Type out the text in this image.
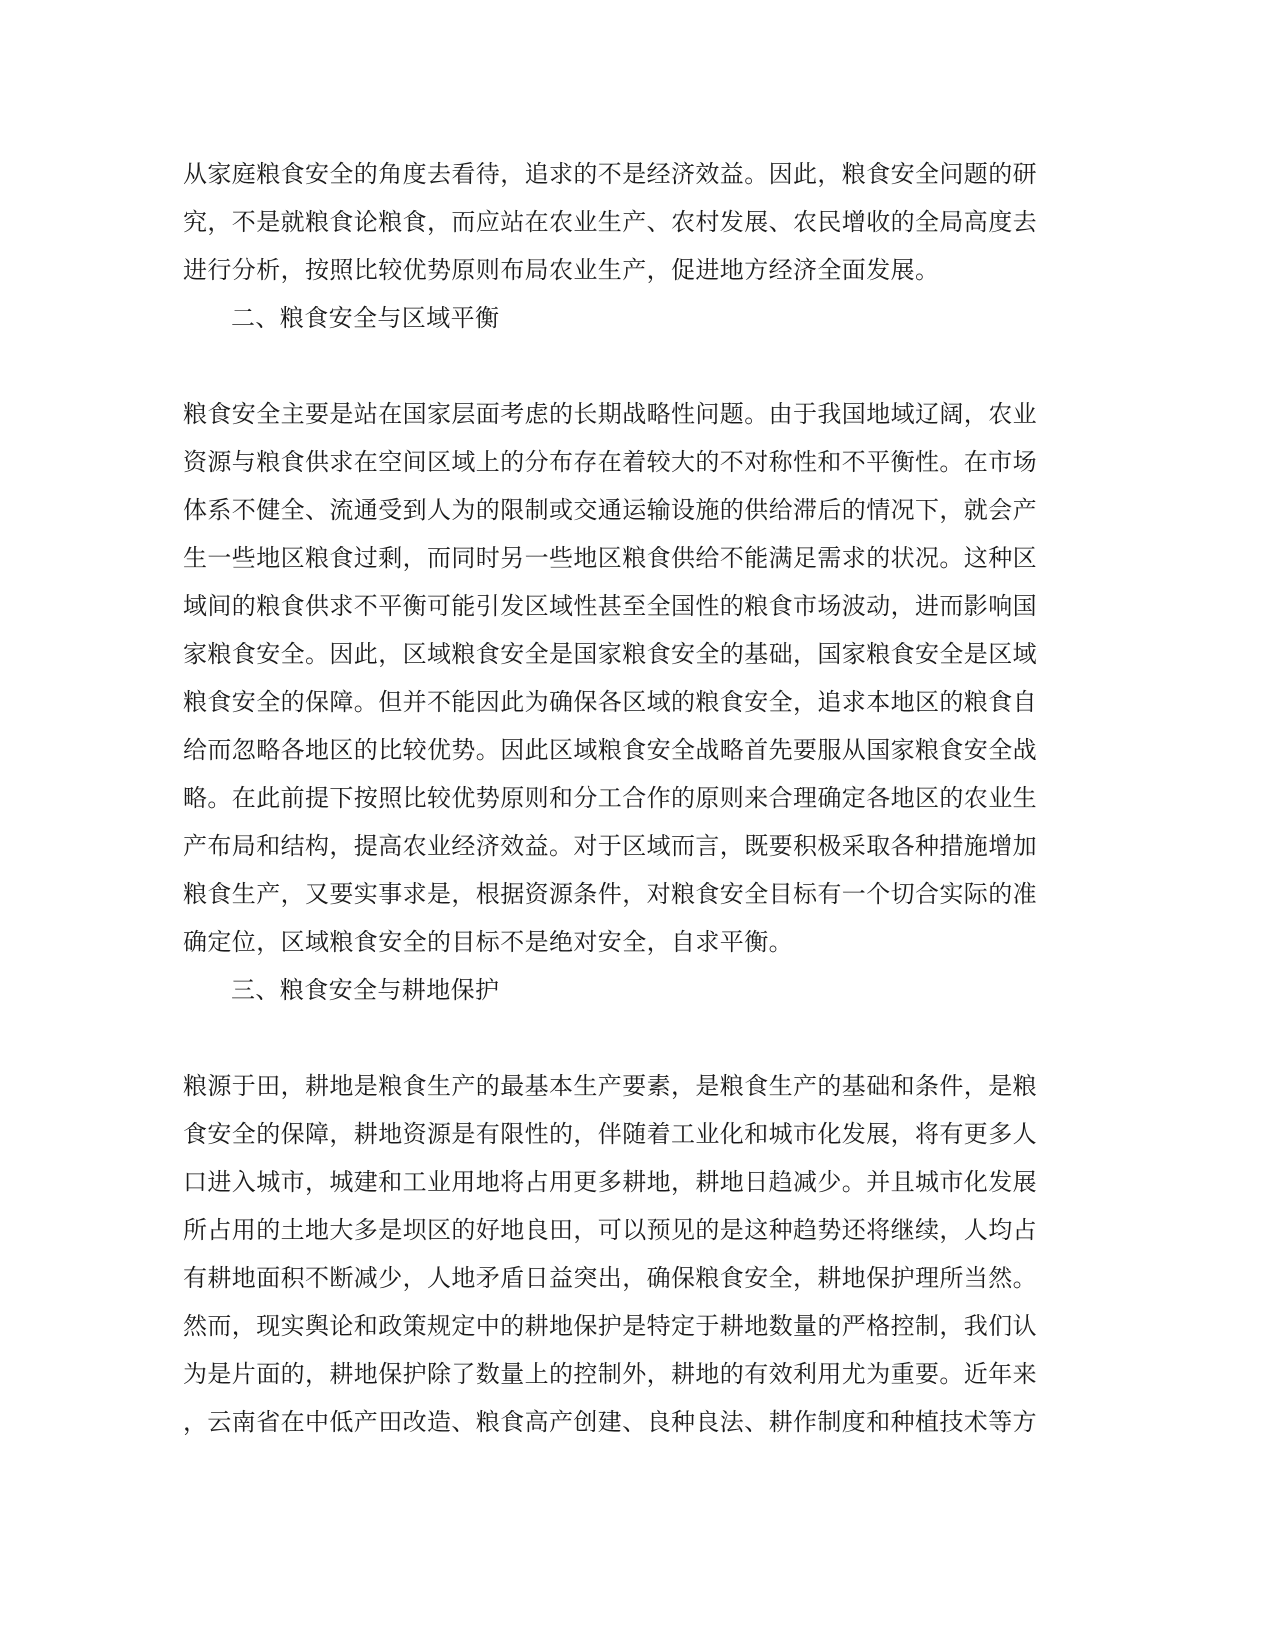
从家庭粮食安全的角度去看待，追求的不是经济效益。因此，粮食安全问题的研
究，不是就粮食论粮食，而应站在农业生产、农村发展、农民增收的全局高度去
进行分析，按照比较优势原则布局农业生产，促进地方经济全面发展。
二、粮食安全与区域平衡
粮食安全主要是站在国家层面考虑的长期战略性问题。由于我国地域辽阔，农业
资源与粮食供求在空间区域上的分布存在着较大的不对称性和不平衡性。在市场
体系不健全、流通受到人为的限制或交通运输设施的供给滞后的情况下，就会产
生一些地区粮食过剩，而同时另一些地区粮食供给不能满足需求的状况。这种区
域间的粮食供求不平衡可能引发区域性甚至全国性的粮食市场波动，进而影响国
家粮食安全。因此，区域粮食安全是国家粮食安全的基础，国家粮食安全是区域
粮食安全的保障。但并不能因此为确保各区域的粮食安全，追求本地区的粮食自
给而忽略各地区的比较优势。因此区域粮食安全战略首先要服从国家粮食安全战
略。在此前提下按照比较优势原则和分工合作的原则来合理确定各地区的农业生
产布局和结构，提高农业经济效益。对于区域而言，既要积极采取各种措施增加
粮食生产，又要实事求是，根据资源条件，对粮食安全目标有一个切合实际的准
确定位，区域粮食安全的目标不是绝对安全，自求平衡。
三、粮食安全与耕地保护
粮源于田，耕地是粮食生产的最基本生产要素，是粮食生产的基础和条件，是粮
食安全的保障，耕地资源是有限性的，伴随着工业化和城市化发展，将有更多人
口进入城市，城建和工业用地将占用更多耕地，耕地日趋减少。并且城市化发展
所占用的土地大多是坝区的好地良田，可以预见的是这种趋势还将继续，人均占
有耕地面积不断减少，人地矛盾日益突出，确保粮食安全，耕地保护理所当然。
然而，现实舆论和政策规定中的耕地保护是特定于耕地数量的严格控制，我们认
为是片面的，耕地保护除了数量上的控制外，耕地的有效利用尤为重要。近年来
，云南省在中低产田改造、粮食高产创建、良种良法、耕作制度和种植技术等方
